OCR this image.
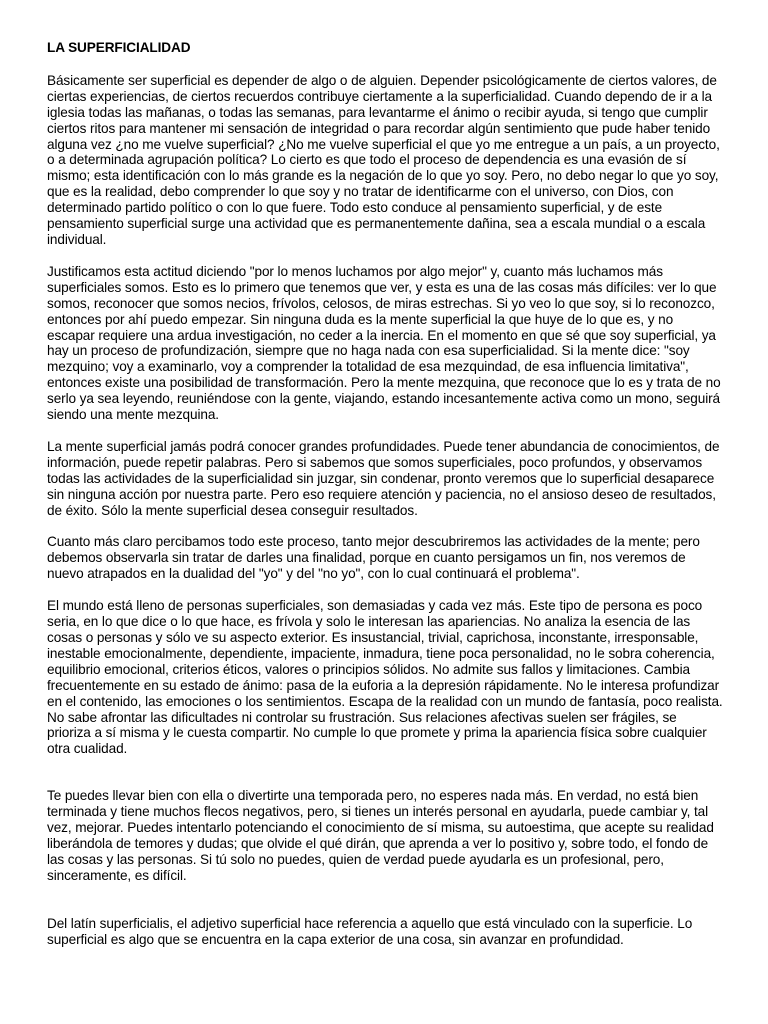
LA SUPERFICIALIDAD

Básicamente ser superficial es depender de algo o de alguien. Depender psicológicamente de ciertos valores, de ciertas experiencias, de ciertos recuerdos contribuye ciertamente a la superficialidad. Cuando dependo de ir a la iglesia todas las mañanas, o todas las semanas, para levantarme el ánimo o recibir ayuda, si tengo que cumplir ciertos ritos para mantener mi sensación de integridad o para recordar algún sentimiento que pude haber tenido alguna vez ¿no me vuelve superficial? ¿No me vuelve superficial el que yo me entregue a un país, a un proyecto, o a determinada agrupación política? Lo cierto es que todo el proceso de dependencia es una evasión de sí mismo; esta identificación con lo más grande es la negación de lo que yo soy. Pero, no debo negar lo que yo soy, que es la realidad, debo comprender lo que soy y no tratar de identificarme con el universo, con Dios, con determinado partido político o con lo que fuere. Todo esto conduce al pensamiento superficial, y de este pensamiento superficial surge una actividad que es permanentemente dañina, sea a escala mundial o a escala individual.

Justificamos esta actitud diciendo "por lo menos luchamos por algo mejor" y, cuanto más luchamos más superficiales somos. Esto es lo primero que tenemos que ver, y esta es una de las cosas más difíciles: ver lo que somos, reconocer que somos necios, frívolos, celosos, de miras estrechas. Si yo veo lo que soy, si lo reconozco, entonces por ahí puedo empezar. Sin ninguna duda es la mente superficial la que huye de lo que es, y no escapar requiere una ardua investigación, no ceder a la inercia. En el momento en que sé que soy superficial, ya hay un proceso de profundización, siempre que no haga nada con esa superficialidad. Si la mente dice: "soy mezquino; voy a examinarlo, voy a comprender la totalidad de esa mezquindad, de esa influencia limitativa", entonces existe una posibilidad de transformación. Pero la mente mezquina, que reconoce que lo es y trata de no serlo ya sea leyendo, reuniéndose con la gente, viajando, estando incesantemente activa como un mono, seguirá siendo una mente mezquina.

La mente superficial jamás podrá conocer grandes profundidades. Puede tener abundancia de conocimientos, de información, puede repetir palabras. Pero si sabemos que somos superficiales, poco profundos, y observamos todas las actividades de la superficialidad sin juzgar, sin condenar, pronto veremos que lo superficial desaparece sin ninguna acción por nuestra parte. Pero eso requiere atención y paciencia, no el ansioso deseo de resultados, de éxito. Sólo la mente superficial desea conseguir resultados.

Cuanto más claro percibamos todo este proceso, tanto mejor descubriremos las actividades de la mente; pero debemos observarla sin tratar de darles una finalidad, porque en cuanto persigamos un fin, nos veremos de nuevo atrapados en la dualidad del "yo" y del "no yo", con lo cual continuará el problema".

El mundo está lleno de personas superficiales, son demasiadas y cada vez más. Este tipo de persona es poco seria, en lo que dice o lo que hace, es frívola y solo le interesan las apariencias. No analiza la esencia de las cosas o personas y sólo ve su aspecto exterior. Es insustancial, trivial, caprichosa, inconstante, irresponsable, inestable emocionalmente, dependiente, impaciente, inmadura, tiene poca personalidad, no le sobra coherencia, equilibrio emocional, criterios éticos, valores o principios sólidos. No admite sus fallos y limitaciones. Cambia frecuentemente en su estado de ánimo: pasa de la euforia a la depresión rápidamente. No le interesa profundizar en el contenido, las emociones o los sentimientos. Escapa de la realidad con un mundo de fantasía, poco realista. No sabe afrontar las dificultades ni controlar su frustración. Sus relaciones afectivas suelen ser frágiles, se prioriza a sí misma y le cuesta compartir. No cumple lo que promete y prima la apariencia física sobre cualquier otra cualidad.

Te puedes llevar bien con ella o divertirte una temporada pero, no esperes nada más. En verdad, no está bien terminada y tiene muchos flecos negativos, pero, si tienes un interés personal en ayudarla, puede cambiar y, tal vez, mejorar. Puedes intentarlo potenciando el conocimiento de sí misma, su autoestima, que acepte su realidad liberándola de temores y dudas; que olvide el qué dirán, que aprenda a ver lo positivo y, sobre todo, el fondo de las cosas y las personas. Si tú solo no puedes, quien de verdad puede ayudarla es un profesional, pero, sinceramente, es difícil.

Del latín superficialis, el adjetivo superficial hace referencia a aquello que está vinculado con la superficie. Lo superficial es algo que se encuentra en la capa exterior de una cosa, sin avanzar en profundidad.
